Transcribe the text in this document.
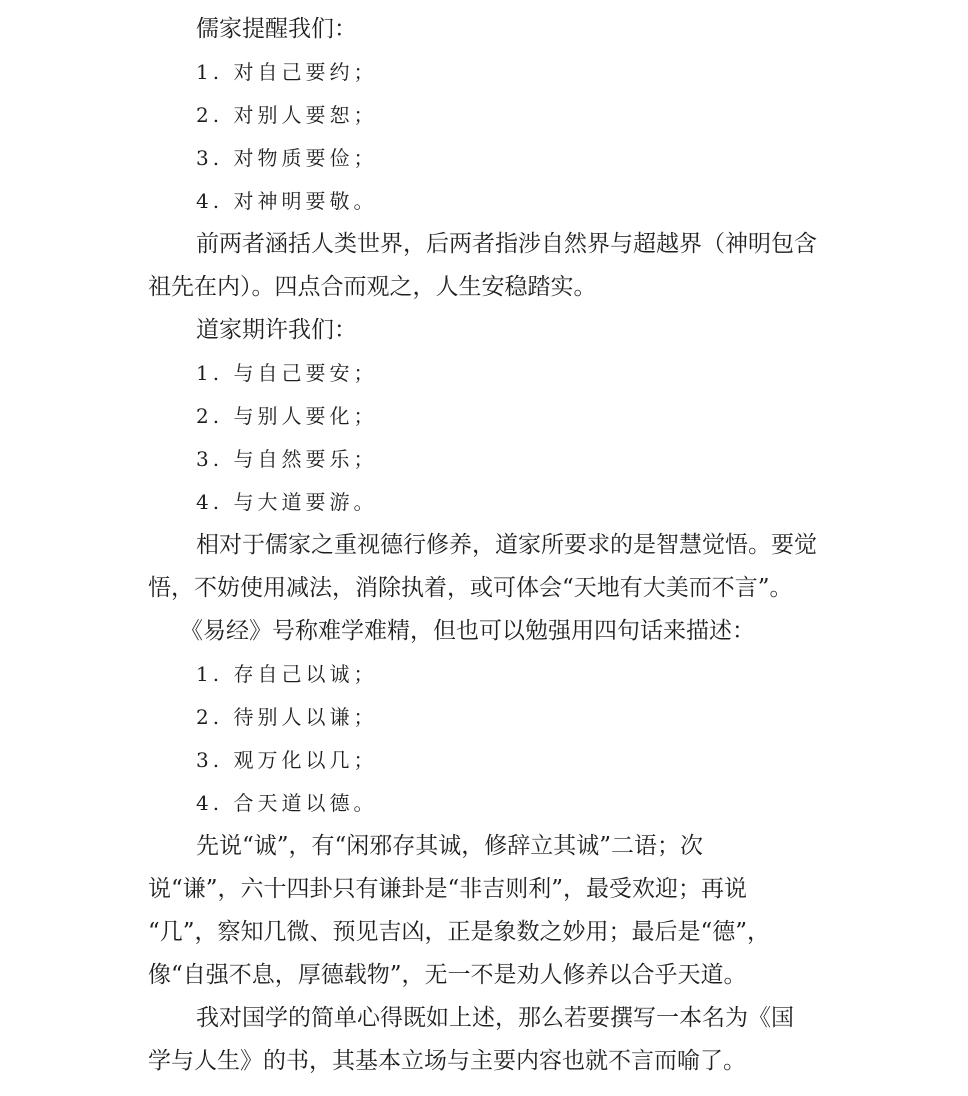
儒家提醒我们：

1. 对自己要约；

2. 对别人要恕；

3. 对物质要俭；

4. 对神明要敬。

前两者涵括人类世界，后两者指涉自然界与超越界（神明包含

祖先在内）。四点合而观之，人生安稳踏实。

道家期许我们：

1. 与自己要安；

2. 与别人要化；

3. 与自然要乐；

4. 与大道要游。

相对于儒家之重视德行修养，道家所要求的是智慧觉悟。要觉

悟，不妨使用减法，消除执着，或可体会“天地有大美而不言”。

《易经》号称难学难精，但也可以勉强用四句话来描述：

1. 存自己以诚；

2. 待别人以谦；

3. 观万化以几；

4. 合天道以德。

先说“诚”，有“闲邪存其诚，修辞立其诚”二语；次

说“谦”，六十四卦只有谦卦是“非吉则利”，最受欢迎；再说

“几”，察知几微、预见吉凶，正是象数之妙用；最后是“德”，

像“自强不息，厚德载物”，无一不是劝人修养以合乎天道。

我对国学的简单心得既如上述，那么若要撰写一本名为《国

学与人生》的书，其基本立场与主要内容也就不言而喻了。
